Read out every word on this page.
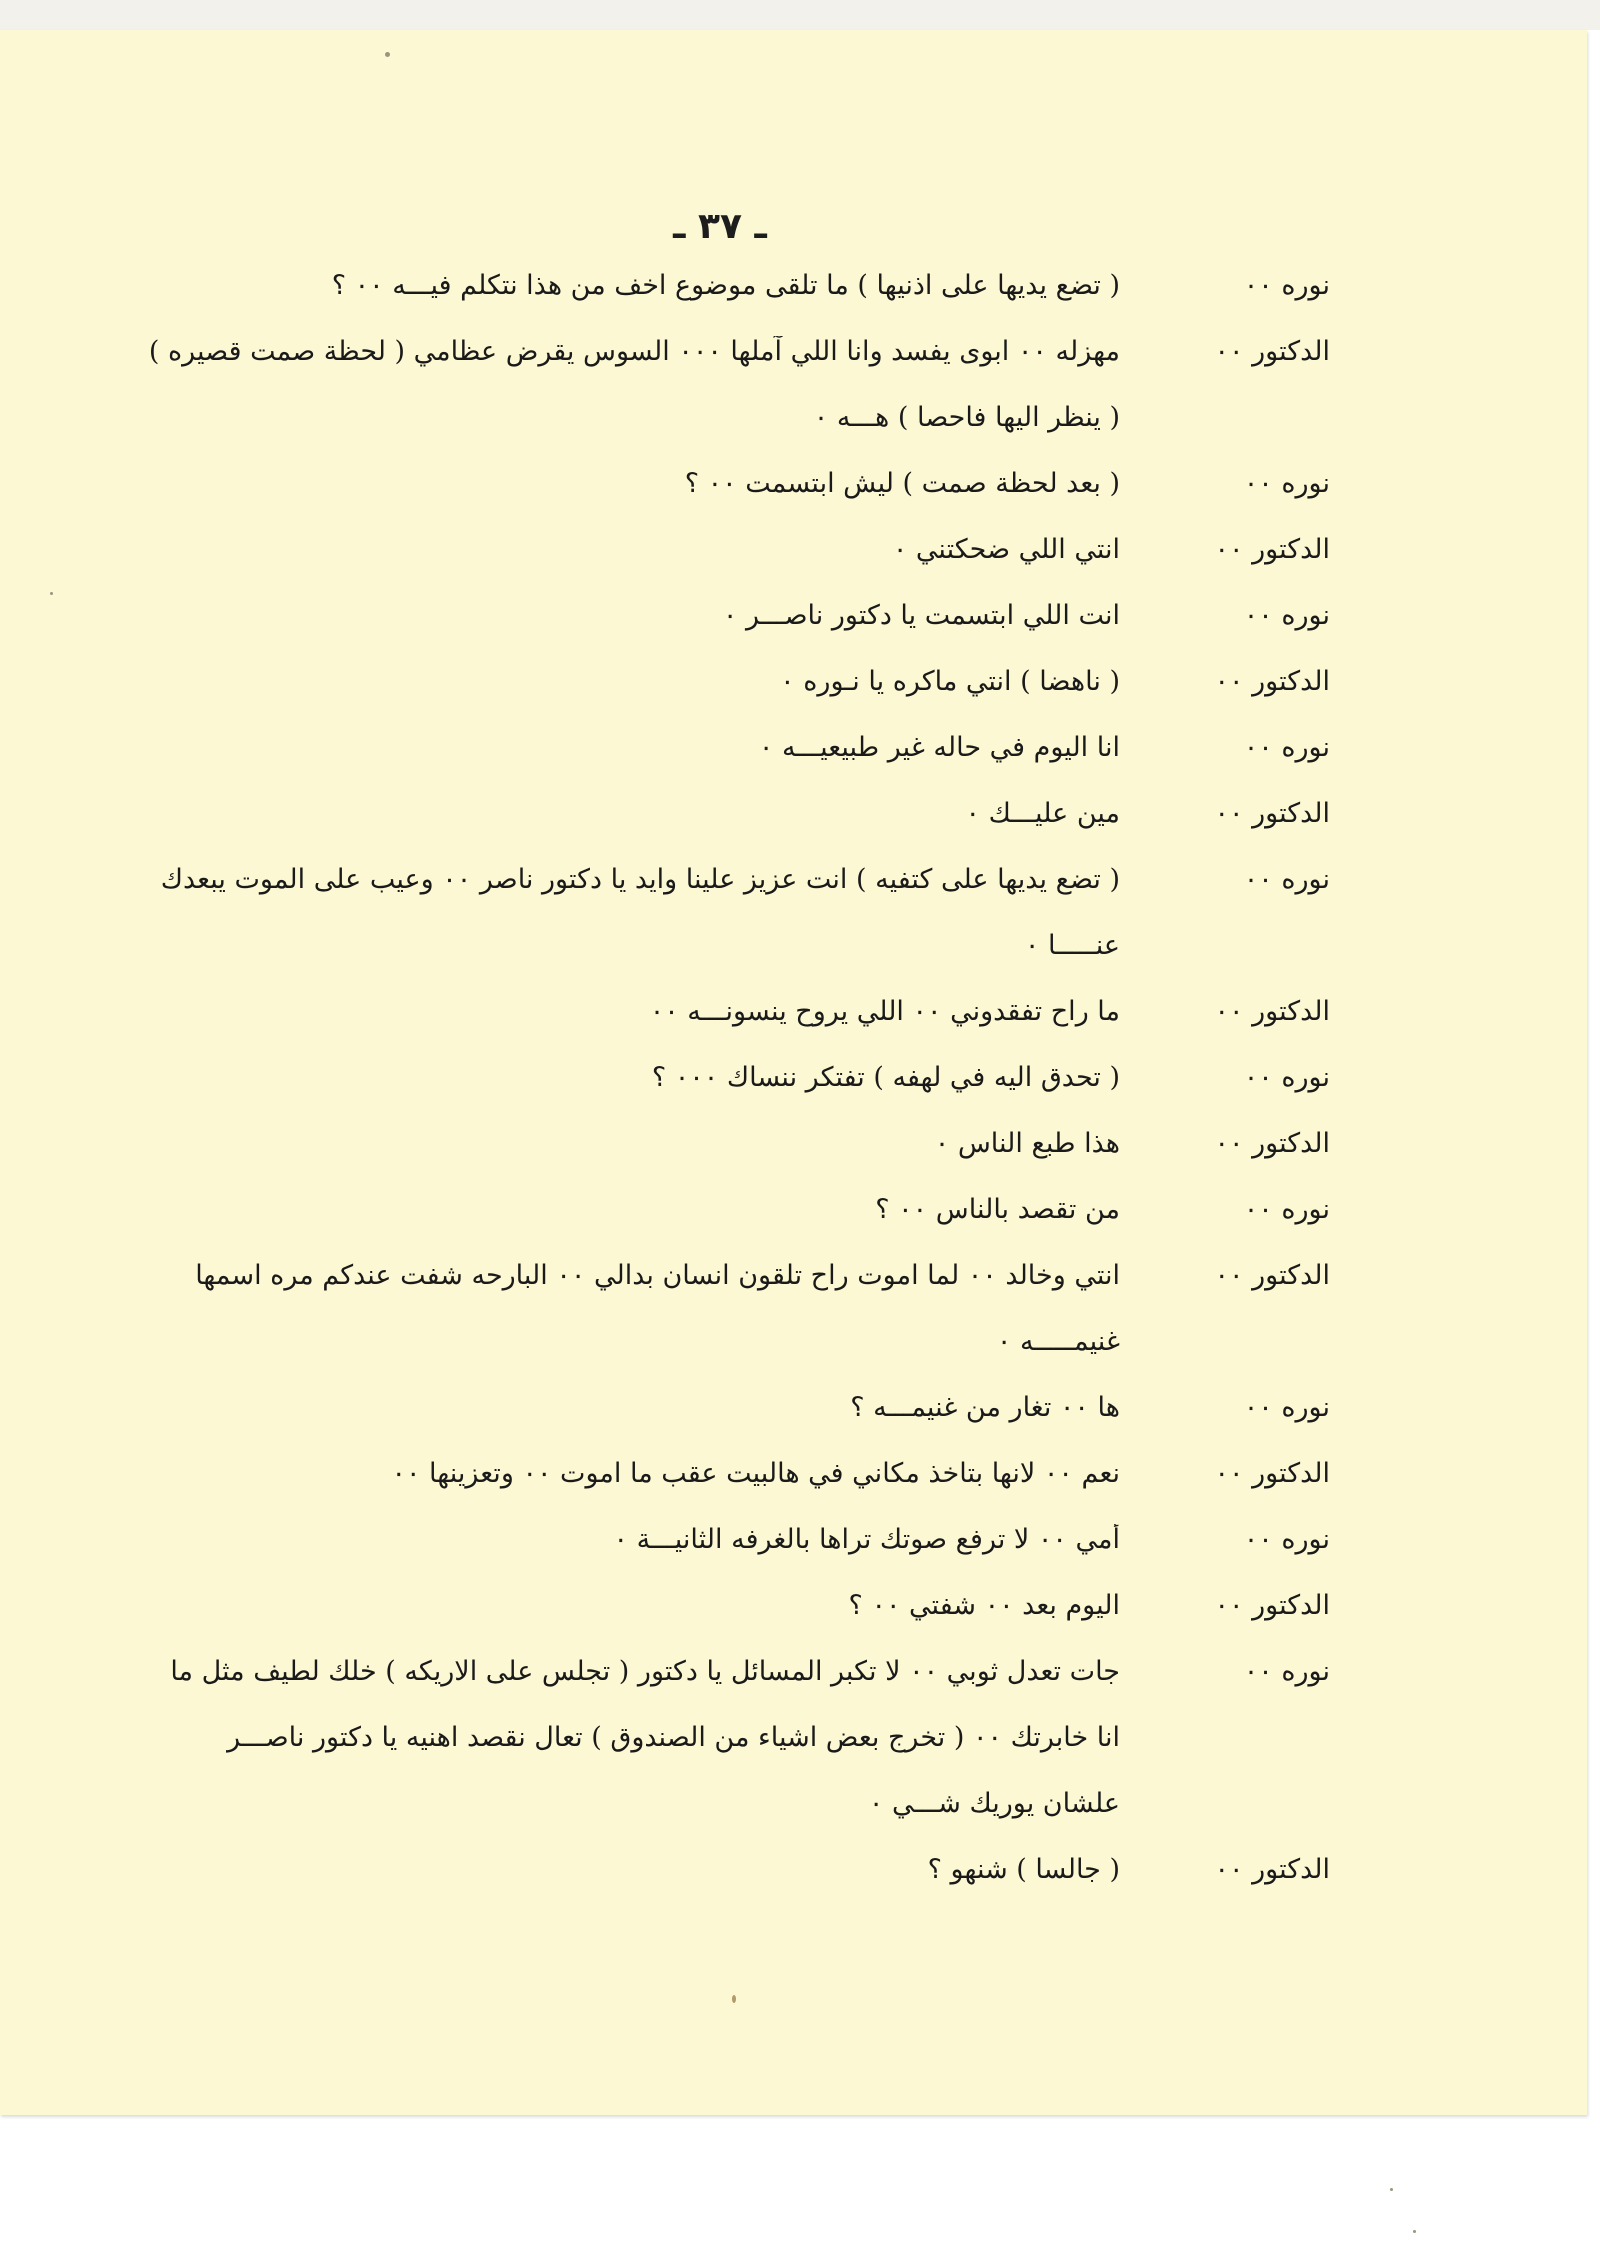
ـ ٣٧ ـ
نوره ٠٠
( تضع يديها على اذنيها ) ما تلقى موضوع اخف من هذا نتكلم فيـــه ٠٠ ؟
الدكتور ٠٠
مهزله ٠٠ ابوى يفسد وانا اللي آملها ٠٠٠ السوس يقرض عظامي ( لحظة صمت قصيره )
( ينظر اليها فاحصا ) هـــه ٠
نوره ٠٠
( بعد لحظة صمت ) ليش ابتسمت ٠٠ ؟
الدكتور ٠٠
انتي اللي ضحكتني ٠
نوره ٠٠
انت اللي ابتسمت يا دكتور ناصـــر ٠
الدكتور ٠٠
( ناهضا ) انتي ماكره يا نـوره ٠
نوره ٠٠
انا اليوم في حاله غير طبيعيـــه ٠
الدكتور ٠٠
مين عليـــك ٠
نوره ٠٠
( تضع يديها على كتفيه ) انت عزيز علينا وايد يا دكتور ناصر ٠٠ وعيب على الموت يبعدك
عنـــــا ٠
الدكتور ٠٠
ما راح تفقدوني ٠٠ اللي يروح ينسونـــه ٠٠
نوره ٠٠
( تحدق اليه في لهفه ) تفتكر ننساك ٠٠٠ ؟
الدكتور ٠٠
هذا طبع الناس ٠
نوره ٠٠
من تقصد بالناس ٠٠ ؟
الدكتور ٠٠
انتي وخالد ٠٠ لما اموت راح تلقون انسان بدالي ٠٠ البارحه شفت عندكم مره اسمها
غنيمـــــه ٠
نوره ٠٠
ها ٠٠ تغار من غنيمـــه ؟
الدكتور ٠٠
نعم ٠٠ لانها بتاخذ مكاني في هالبيت عقب ما اموت ٠٠ وتعزينها ٠٠
نوره ٠٠
أمي ٠٠ لا ترفع صوتك تراها بالغرفه الثانيـــة ٠
الدكتور ٠٠
اليوم بعد ٠٠ شفتي ٠٠ ؟
نوره ٠٠
جات تعدل ثوبي ٠٠ لا تكبر المسائل يا دكتور ( تجلس على الاريكه ) خلك لطيف مثل ما
انا خابرتك ٠٠ ( تخرج بعض اشياء من الصندوق ) تعال نقصد اهنيه يا دكتور ناصـــر
علشان يوريك شـــي ٠
الدكتور ٠٠
( جالسا ) شنهو ؟
